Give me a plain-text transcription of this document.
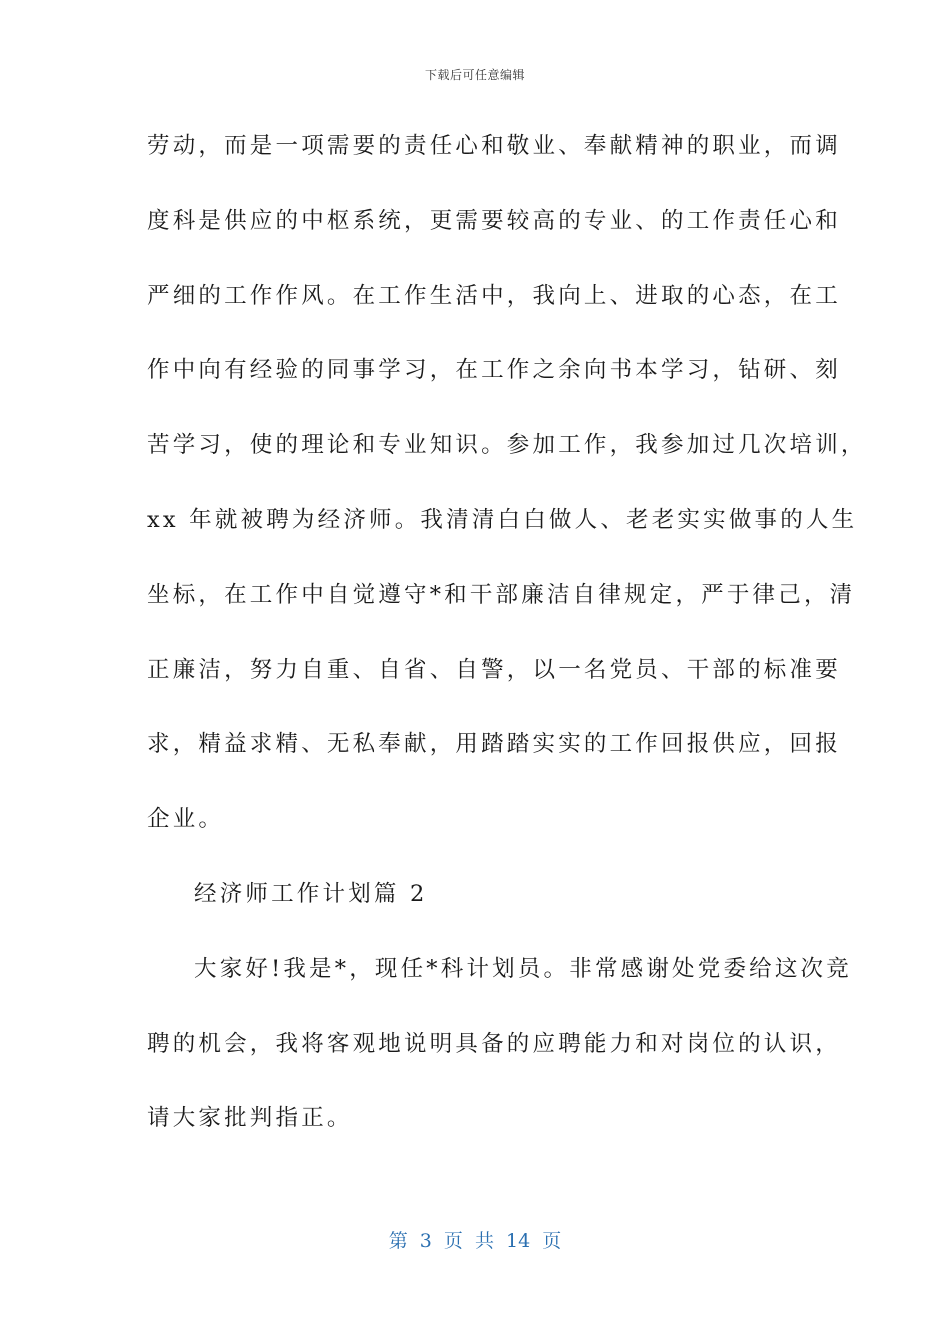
下载后可任意编辑
劳动，而是一项需要的责任心和敬业、奉献精神的职业，而调
度科是供应的中枢系统，更需要较高的专业、的工作责任心和
严细的工作作风。在工作生活中，我向上、进取的心态，在工
作中向有经验的同事学习，在工作之余向书本学习，钻研、刻
苦学习，使的理论和专业知识。参加工作，我参加过几次培训，
xx 年就被聘为经济师。我清清白白做人、老老实实做事的人生
坐标，在工作中自觉遵守*和干部廉洁自律规定，严于律己，清
正廉洁，努力自重、自省、自警，以一名党员、干部的标准要
求，精益求精、无私奉献，用踏踏实实的工作回报供应，回报
企业。
经济师工作计划篇 2
大家好!我是*，现任*科计划员。非常感谢处党委给这次竞
聘的机会，我将客观地说明具备的应聘能力和对岗位的认识，
请大家批判指正。
第 3 页 共 14 页
